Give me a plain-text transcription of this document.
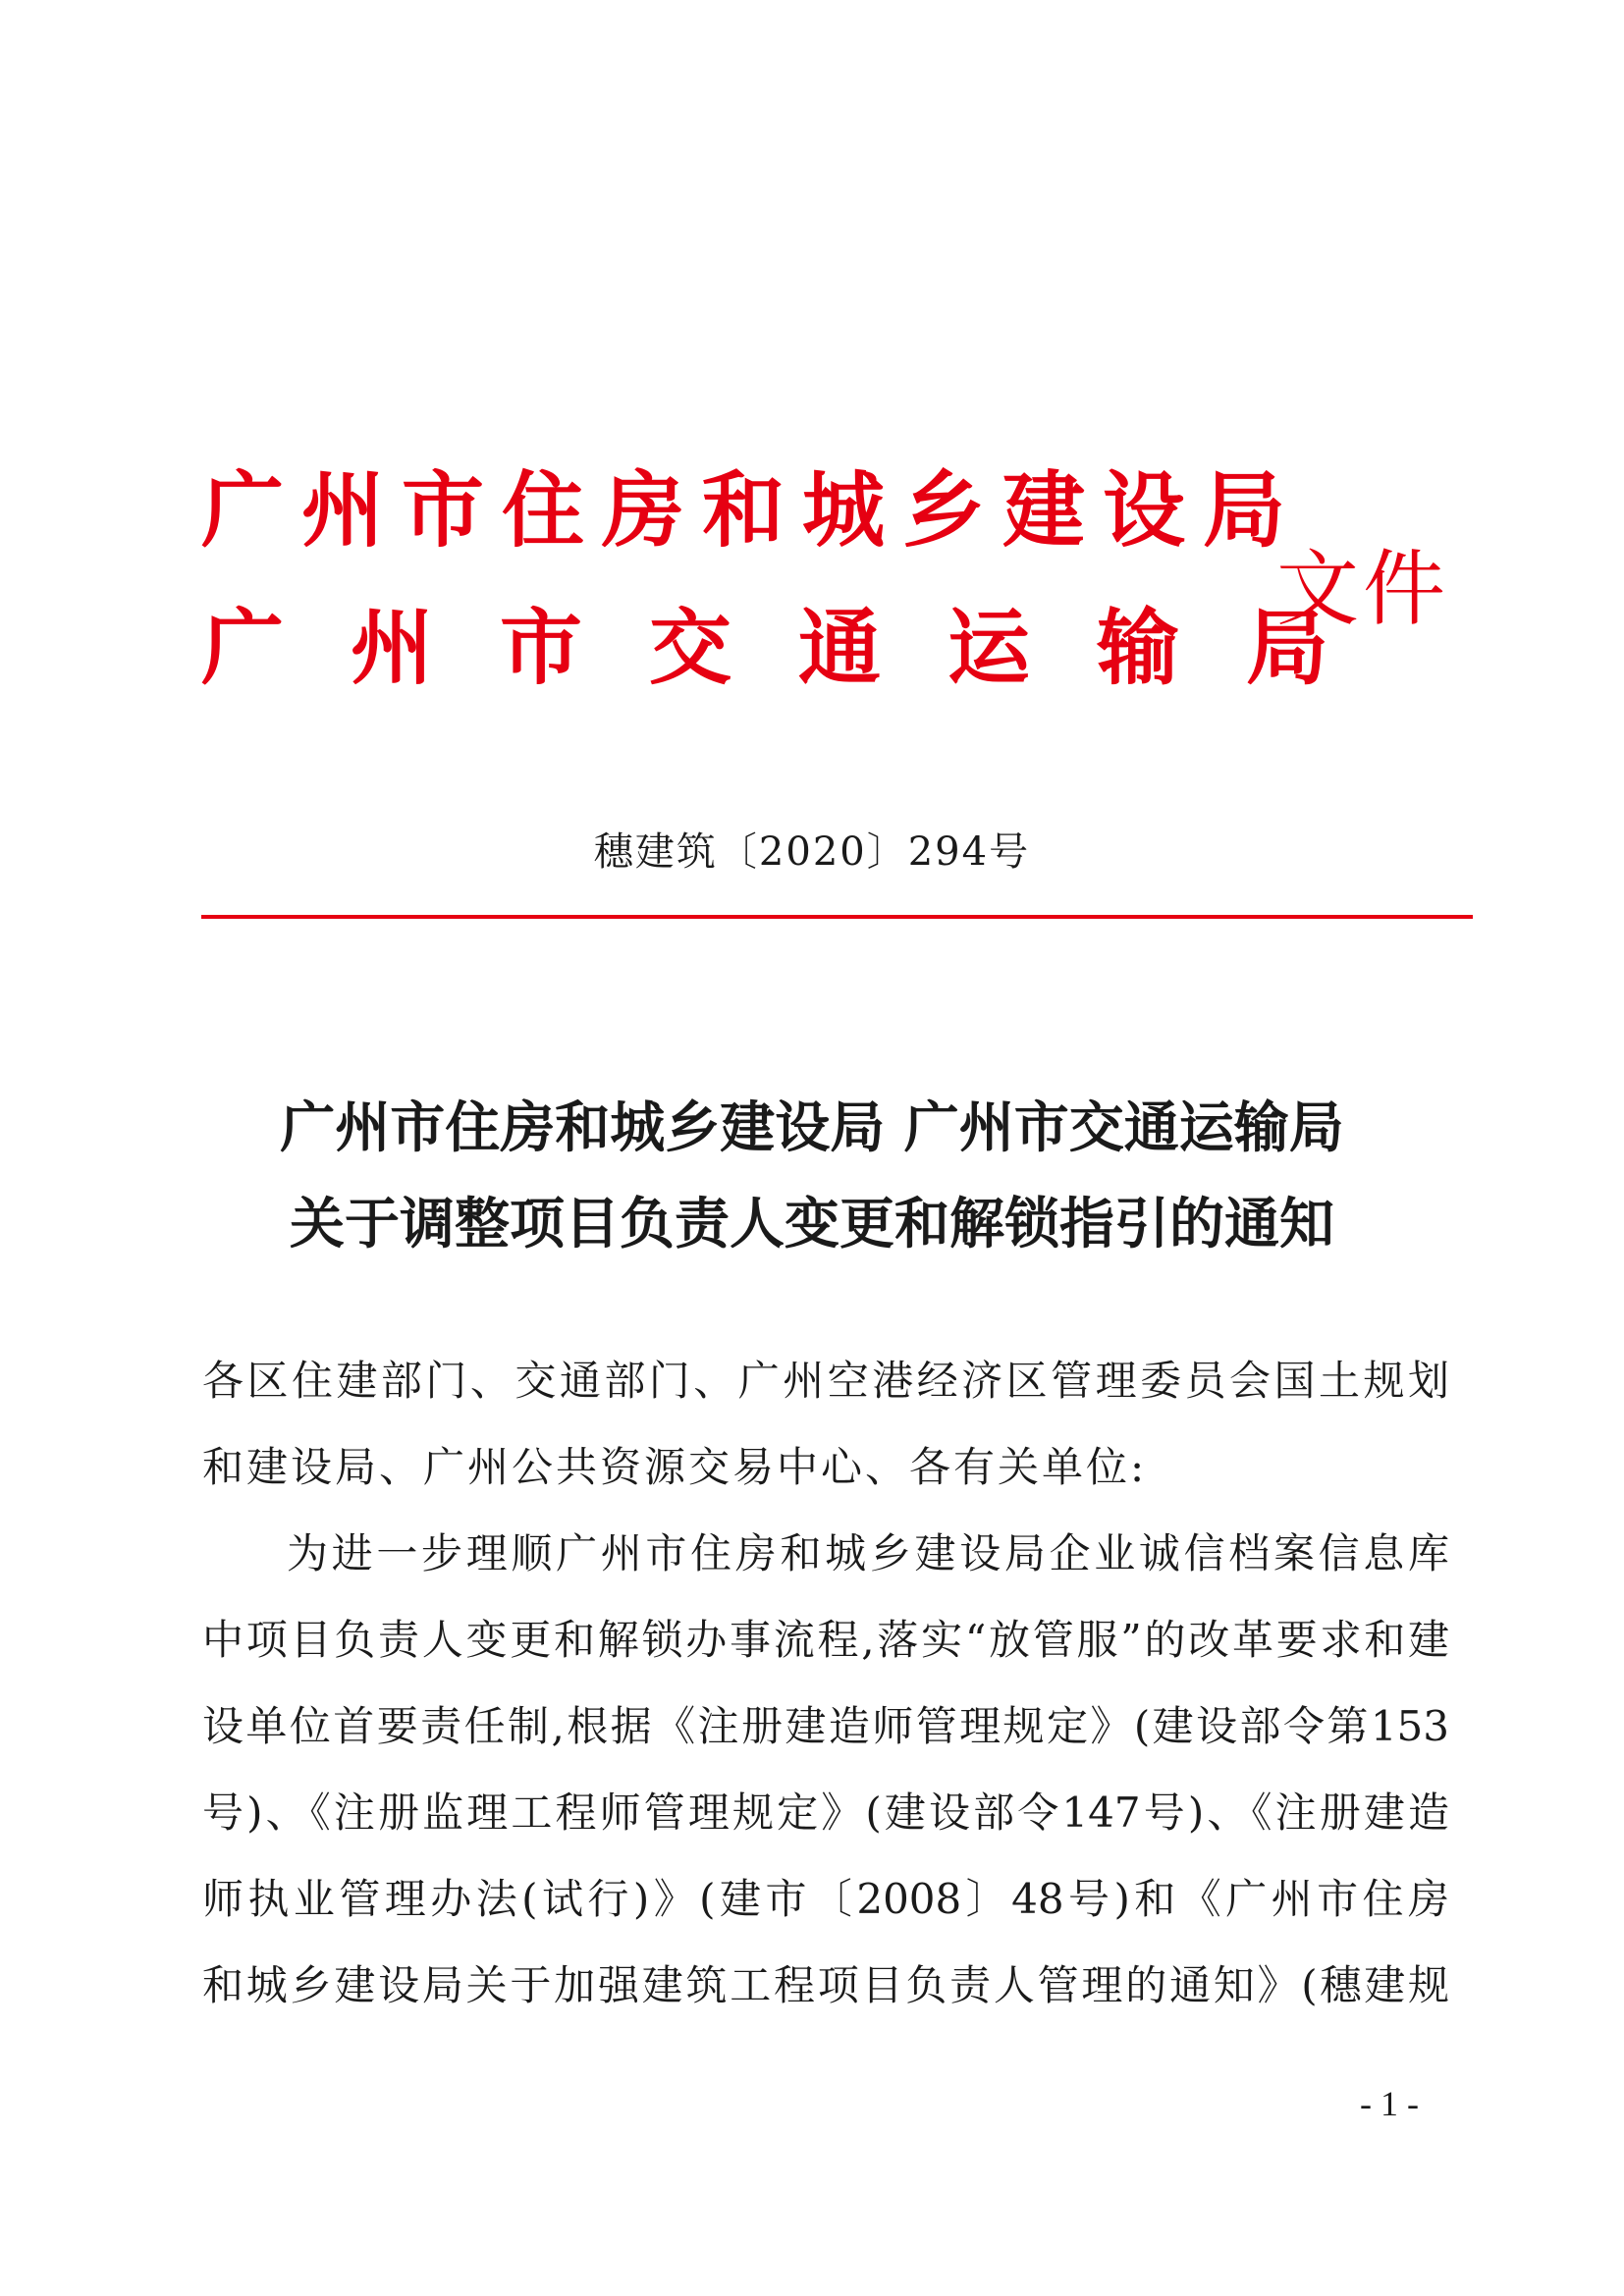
广州市住房和城乡建设局
广州市交通运输局
文件
穗建筑〔2020〕294号
广州市住房和城乡建设局 广州市交通运输局
关于调整项目负责人变更和解锁指引的通知
各区住建部门、交通部门、广州空港经济区管理委员会国土规划
和建设局、广州公共资源交易中心、各有关单位:
为进一步理顺广州市住房和城乡建设局企业诚信档案信息库
中项目负责人变更和解锁办事流程,落实“放管服”的改革要求和建
设单位首要责任制,根据《注册建造师管理规定》(建设部令第153
号)、《注册监理工程师管理规定》(建设部令147号)、《注册建造
师执业管理办法(试行)》(建市〔2008〕48号)和《广州市住房
和城乡建设局关于加强建筑工程项目负责人管理的通知》(穗建规
- 1 -
